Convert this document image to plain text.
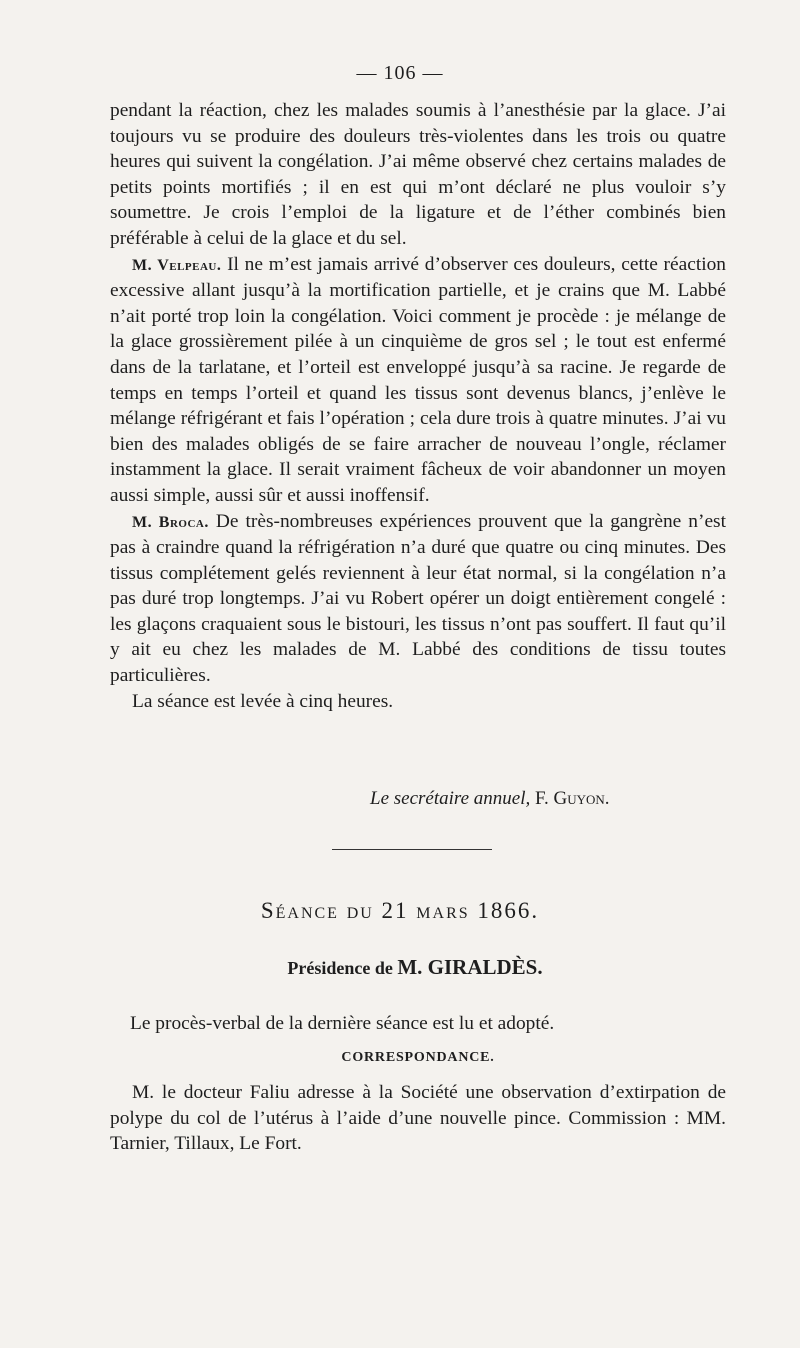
— 106 —

pendant la réaction, chez les malades soumis à l’anesthésie par la glace. J’ai toujours vu se produire des douleurs très-violentes dans les trois ou quatre heures qui suivent la congélation. J’ai même observé chez certains malades de petits points mortifiés ; il en est qui m’ont déclaré ne plus vouloir s’y soumettre. Je crois l’emploi de la ligature et de l’éther combinés bien préférable à celui de la glace et du sel.

M. Velpeau. Il ne m’est jamais arrivé d’observer ces douleurs, cette réaction excessive allant jusqu’à la mortification partielle, et je crains que M. Labbé n’ait porté trop loin la congélation. Voici comment je procède : je mélange de la glace grossièrement pilée à un cinquième de gros sel ; le tout est enfermé dans de la tarlatane, et l’orteil est enveloppé jusqu’à sa racine. Je regarde de temps en temps l’orteil et quand les tissus sont devenus blancs, j’enlève le mélange réfrigérant et fais l’opération ; cela dure trois à quatre minutes. J’ai vu bien des malades obligés de se faire arracher de nouveau l’ongle, réclamer instamment la glace. Il serait vraiment fâcheux de voir abandonner un moyen aussi simple, aussi sûr et aussi inoffensif.

M. Broca. De très-nombreuses expériences prouvent que la gangrène n’est pas à craindre quand la réfrigération n’a duré que quatre ou cinq minutes. Des tissus complétement gelés reviennent à leur état normal, si la congélation n’a pas duré trop longtemps. J’ai vu Robert opérer un doigt entièrement congelé : les glaçons craquaient sous le bistouri, les tissus n’ont pas souffert. Il faut qu’il y ait eu chez les malades de M. Labbé des conditions de tissu toutes particulières.

La séance est levée à cinq heures.

Le secrétaire annuel, F. Guyon.
Séance du 21 mars 1866.
Présidence de M. GIRALDÈS.
Le procès-verbal de la dernière séance est lu et adopté.
CORRESPONDANCE.

M. le docteur Faliu adresse à la Société une observation d’extirpation de polype du col de l’utérus à l’aide d’une nouvelle pince. Commission : MM. Tarnier, Tillaux, Le Fort.
